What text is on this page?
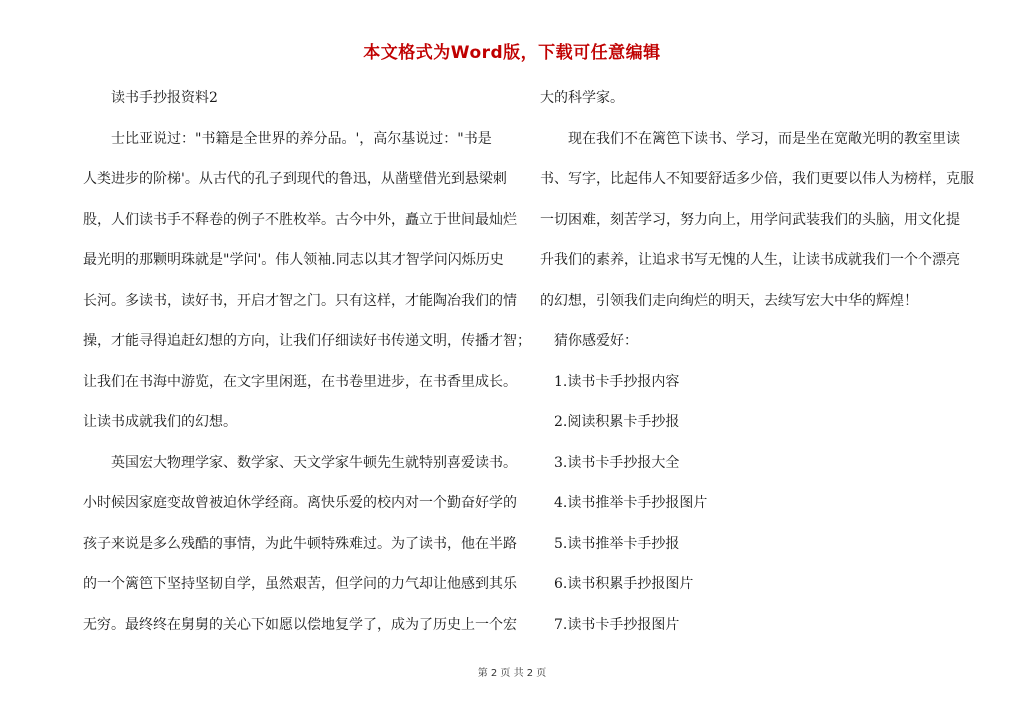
本文格式为Word版，下载可任意编辑
读书手抄报资料2
士比亚说过："书籍是全世界的养分品。'，高尔基说过："书是
人类进步的阶梯'。从古代的孔子到现代的鲁迅，从凿壁借光到悬梁刺
股，人们读书手不释卷的例子不胜枚举。古今中外，矗立于世间最灿烂
最光明的那颗明珠就是"学问'。伟人领袖.同志以其才智学问闪烁历史
长河。多读书，读好书，开启才智之门。只有这样，才能陶冶我们的情
操，才能寻得追赶幻想的方向，让我们仔细读好书传递文明，传播才智；
让我们在书海中游览，在文字里闲逛，在书卷里进步，在书香里成长。
让读书成就我们的幻想。
英国宏大物理学家、数学家、天文学家牛顿先生就特别喜爱读书。
小时候因家庭变故曾被迫休学经商。离快乐爱的校内对一个勤奋好学的
孩子来说是多么残酷的事情，为此牛顿特殊难过。为了读书，他在半路
的一个篱笆下坚持坚韧自学，虽然艰苦，但学问的力气却让他感到其乐
无穷。最终终在舅舅的关心下如愿以偿地复学了，成为了历史上一个宏
大的科学家。
现在我们不在篱笆下读书、学习，而是坐在宽敞光明的教室里读
书、写字，比起伟人不知要舒适多少倍，我们更要以伟人为榜样，克服
一切困难，刻苦学习，努力向上，用学问武装我们的头脑，用文化提
升我们的素养，让追求书写无愧的人生，让读书成就我们一个个漂亮
的幻想，引领我们走向绚烂的明天，去续写宏大中华的辉煌！
猜你感爱好：
1.读书卡手抄报内容
2.阅读积累卡手抄报
3.读书卡手抄报大全
4.读书推举卡手抄报图片
5.读书推举卡手抄报
6.读书积累手抄报图片
7.读书卡手抄报图片
第 2 页 共 2 页
